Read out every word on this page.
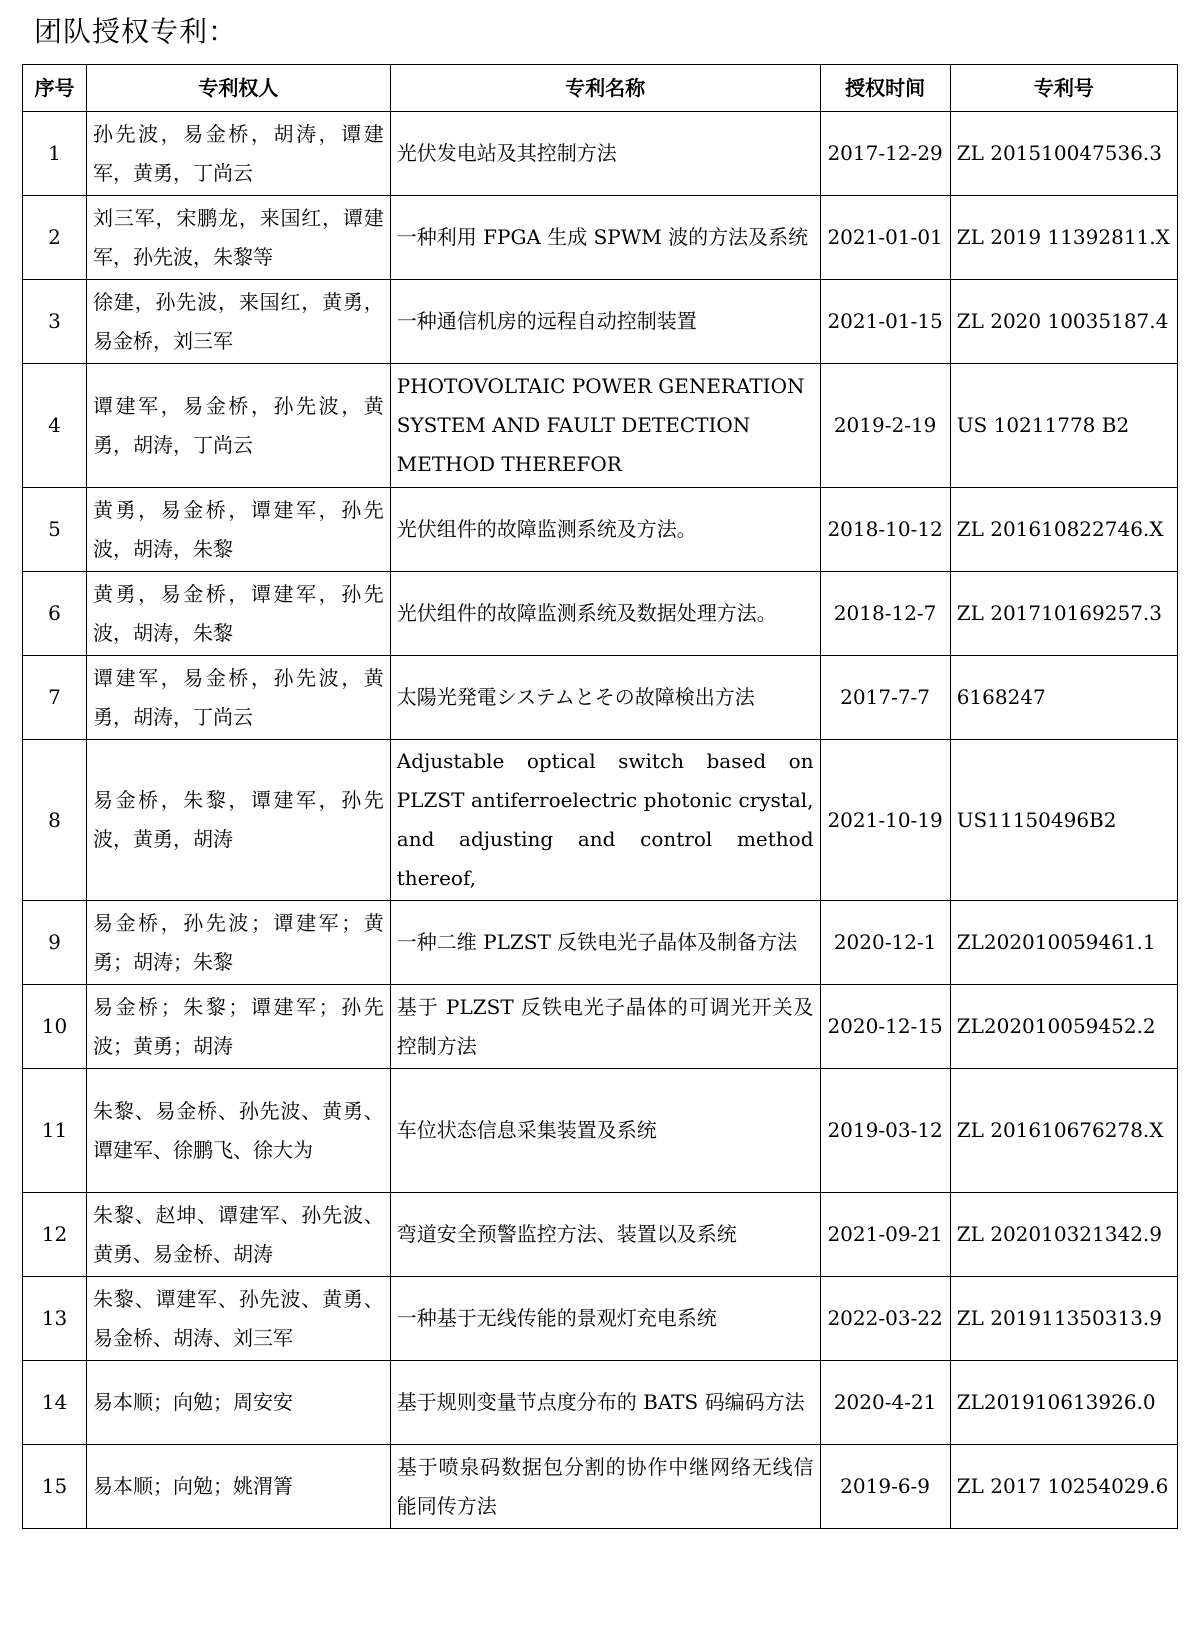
团队授权专利：
序号	专利权人	专利名称	授权时间	专利号
1	孙先波，易金桥，胡涛，谭建军，黄勇，丁尚云	光伏发电站及其控制方法	2017-12-29	ZL 201510047536.3
2	刘三军，宋鹏龙，来国红，谭建军，孙先波，朱黎等	一种利用 FPGA 生成 SPWM 波的方法及系统	2021-01-01	ZL 2019 11392811.X
3	徐建，孙先波，来国红，黄勇，易金桥，刘三军	一种通信机房的远程自动控制装置	2021-01-15	ZL 2020 10035187.4
4	谭建军，易金桥，孙先波，黄勇，胡涛，丁尚云	PHOTOVOLTAIC POWER GENERATION SYSTEM AND FAULT DETECTION METHOD THEREFOR	2019-2-19	US 10211778 B2
5	黄勇，易金桥，谭建军，孙先波，胡涛，朱黎	光伏组件的故障监测系统及方法。	2018-10-12	ZL 201610822746.X
6	黄勇，易金桥，谭建军，孙先波，胡涛，朱黎	光伏组件的故障监测系统及数据处理方法。	2018-12-7	ZL 201710169257.3
7	谭建军，易金桥，孙先波，黄勇，胡涛，丁尚云	太陽光発電システムとその故障検出方法	2017-7-7	6168247
8	易金桥，朱黎，谭建军，孙先波，黄勇，胡涛	Adjustable optical switch based on PLZST antiferroelectric photonic crystal, and adjusting and control method thereof,	2021-10-19	US11150496B2
9	易金桥，孙先波；谭建军；黄勇；胡涛；朱黎	一种二维 PLZST 反铁电光子晶体及制备方法	2020-12-1	ZL202010059461.1
10	易金桥；朱黎；谭建军；孙先波；黄勇；胡涛	基于 PLZST 反铁电光子晶体的可调光开关及控制方法	2020-12-15	ZL202010059452.2
11	朱黎、易金桥、孙先波、黄勇、谭建军、徐鹏飞、徐大为	车位状态信息采集装置及系统	2019-03-12	ZL 201610676278.X
12	朱黎、赵坤、谭建军、孙先波、黄勇、易金桥、胡涛	弯道安全预警监控方法、装置以及系统	2021-09-21	ZL 202010321342.9
13	朱黎、谭建军、孙先波、黄勇、易金桥、胡涛、刘三军	一种基于无线传能的景观灯充电系统	2022-03-22	ZL 201911350313.9
14	易本顺；向勉；周安安	基于规则变量节点度分布的 BATS 码编码方法	2020-4-21	ZL201910613926.0
15	易本顺；向勉；姚渭箐	基于喷泉码数据包分割的协作中继网络无线信能同传方法	2019-6-9	ZL 2017 10254029.6
